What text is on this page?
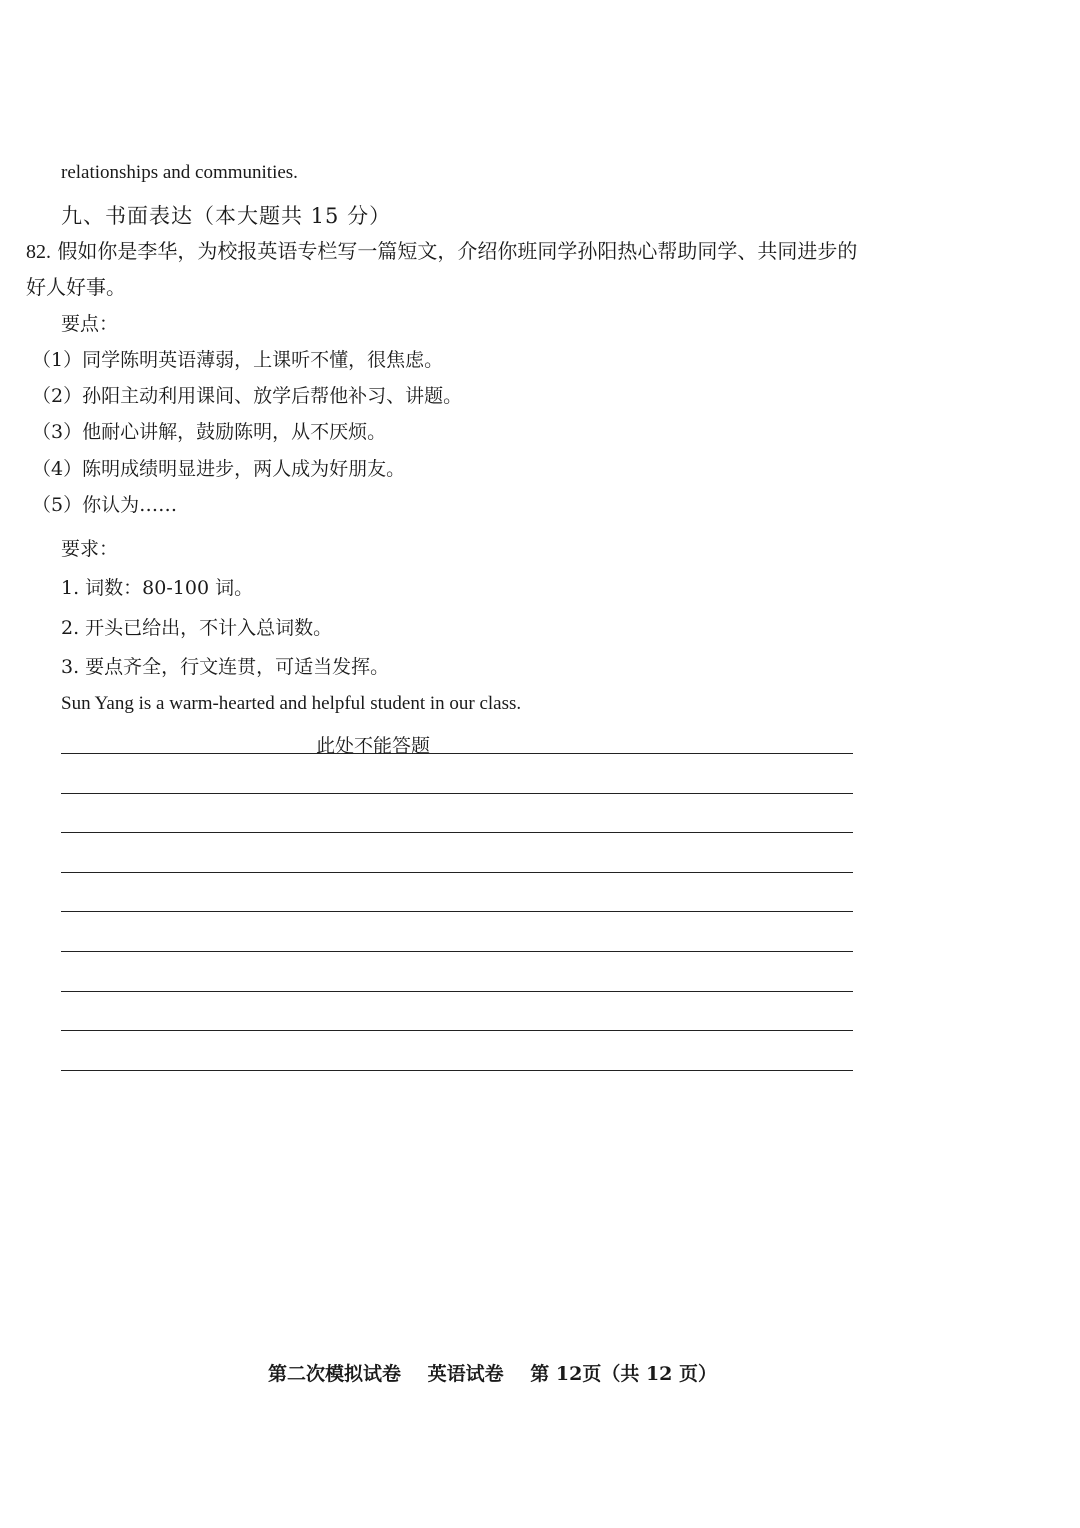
relationships and communities.
九、书面表达（本大题共 15 分）
82. 假如你是李华，为校报英语专栏写一篇短文，介绍你班同学孙阳热心帮助同学、共同进步的
好人好事。
要点：
（1）同学陈明英语薄弱，上课听不懂，很焦虑。
（2）孙阳主动利用课间、放学后帮他补习、讲题。
（3）他耐心讲解，鼓励陈明，从不厌烦。
（4）陈明成绩明显进步，两人成为好朋友。
（5）你认为……
要求：
1. 词数：80-100 词。
2. 开头已给出，不计入总词数。
3. 要点齐全，行文连贯，可适当发挥。
Sun Yang is a warm-hearted and helpful student in our class.
此处不能答题
第二次模拟试卷 英语试卷 第 12页（共 12 页）
